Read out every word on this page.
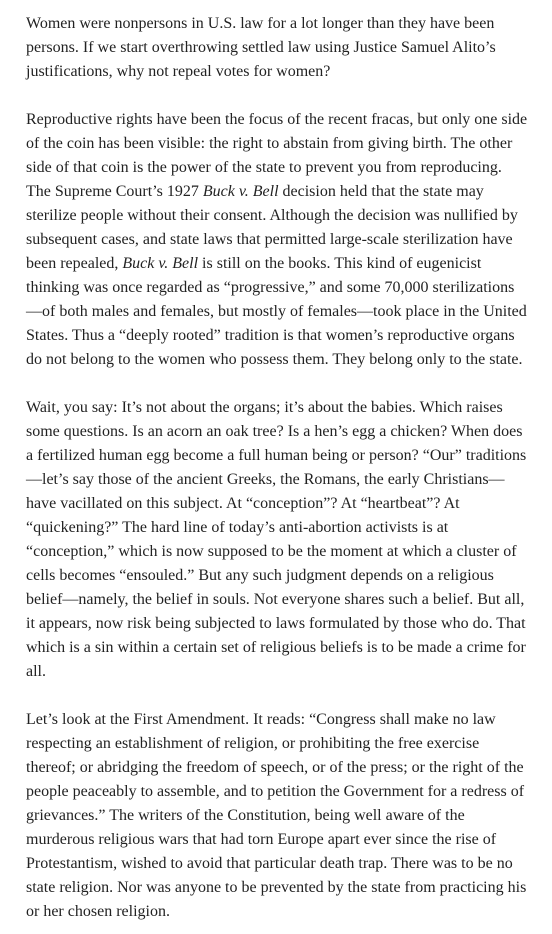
Women were nonpersons in U.S. law for a lot longer than they have been persons. If we start overthrowing settled law using Justice Samuel Alito’s justifications, why not repeal votes for women?

Reproductive rights have been the focus of the recent fracas, but only one side of the coin has been visible: the right to abstain from giving birth. The other side of that coin is the power of the state to prevent you from reproducing. The Supreme Court’s 1927 Buck v. Bell decision held that the state may sterilize people without their consent. Although the decision was nullified by subsequent cases, and state laws that permitted large-scale sterilization have been repealed, Buck v. Bell is still on the books. This kind of eugenicist thinking was once regarded as “progressive,” and some 70,000 sterilizations—of both males and females, but mostly of females—took place in the United States. Thus a “deeply rooted” tradition is that women’s reproductive organs do not belong to the women who possess them. They belong only to the state.

Wait, you say: It’s not about the organs; it’s about the babies. Which raises some questions. Is an acorn an oak tree? Is a hen’s egg a chicken? When does a fertilized human egg become a full human being or person? “Our” traditions—let’s say those of the ancient Greeks, the Romans, the early Christians—have vacillated on this subject. At “conception”? At “heartbeat”? At “quickening?” The hard line of today’s anti-abortion activists is at “conception,” which is now supposed to be the moment at which a cluster of cells becomes “ensouled.” But any such judgment depends on a religious belief—namely, the belief in souls. Not everyone shares such a belief. But all, it appears, now risk being subjected to laws formulated by those who do. That which is a sin within a certain set of religious beliefs is to be made a crime for all.

Let’s look at the First Amendment. It reads: “Congress shall make no law respecting an establishment of religion, or prohibiting the free exercise thereof; or abridging the freedom of speech, or of the press; or the right of the people peaceably to assemble, and to petition the Government for a redress of grievances.” The writers of the Constitution, being well aware of the murderous religious wars that had torn Europe apart ever since the rise of Protestantism, wished to avoid that particular death trap. There was to be no state religion. Nor was anyone to be prevented by the state from practicing his or her chosen religion.
